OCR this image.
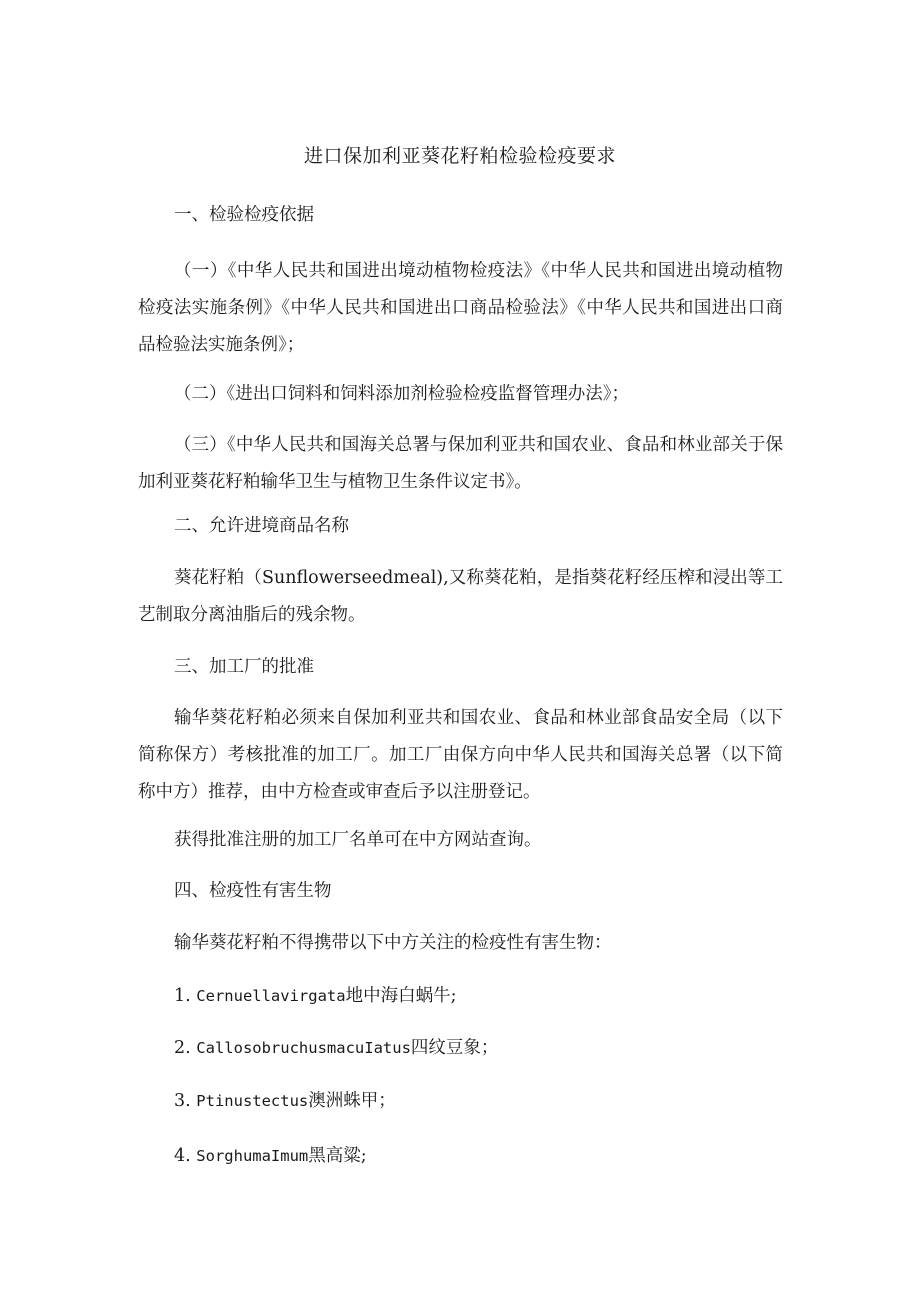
进口保加利亚葵花籽粕检验检疫要求

一、检验检疫依据

（一）《中华人民共和国进出境动植物检疫法》《中华人民共和国进出境动植物检疫法实施条例》《中华人民共和国进出口商品检验法》《中华人民共和国进出口商品检验法实施条例》；

（二）《进出口饲料和饲料添加剂检验检疫监督管理办法》；

（三）《中华人民共和国海关总署与保加利亚共和国农业、食品和林业部关于保加利亚葵花籽粕输华卫生与植物卫生条件议定书》。

二、允许进境商品名称

葵花籽粕（Sunflowerseedmeal),又称葵花粕，是指葵花籽经压榨和浸出等工艺制取分离油脂后的残余物。

三、加工厂的批准

输华葵花籽粕必须来自保加利亚共和国农业、食品和林业部食品安全局（以下简称保方）考核批准的加工厂。加工厂由保方向中华人民共和国海关总署（以下简称中方）推荐，由中方检查或审查后予以注册登记。

获得批准注册的加工厂名单可在中方网站查询。

四、检疫性有害生物

输华葵花籽粕不得携带以下中方关注的检疫性有害生物：

1. Cernuellavirgata地中海白蜗牛;

2. CallosobruchusmacuIatus四纹豆象；

3. Ptinustectus澳洲蛛甲；

4. SorghumaImum黑高粱;
